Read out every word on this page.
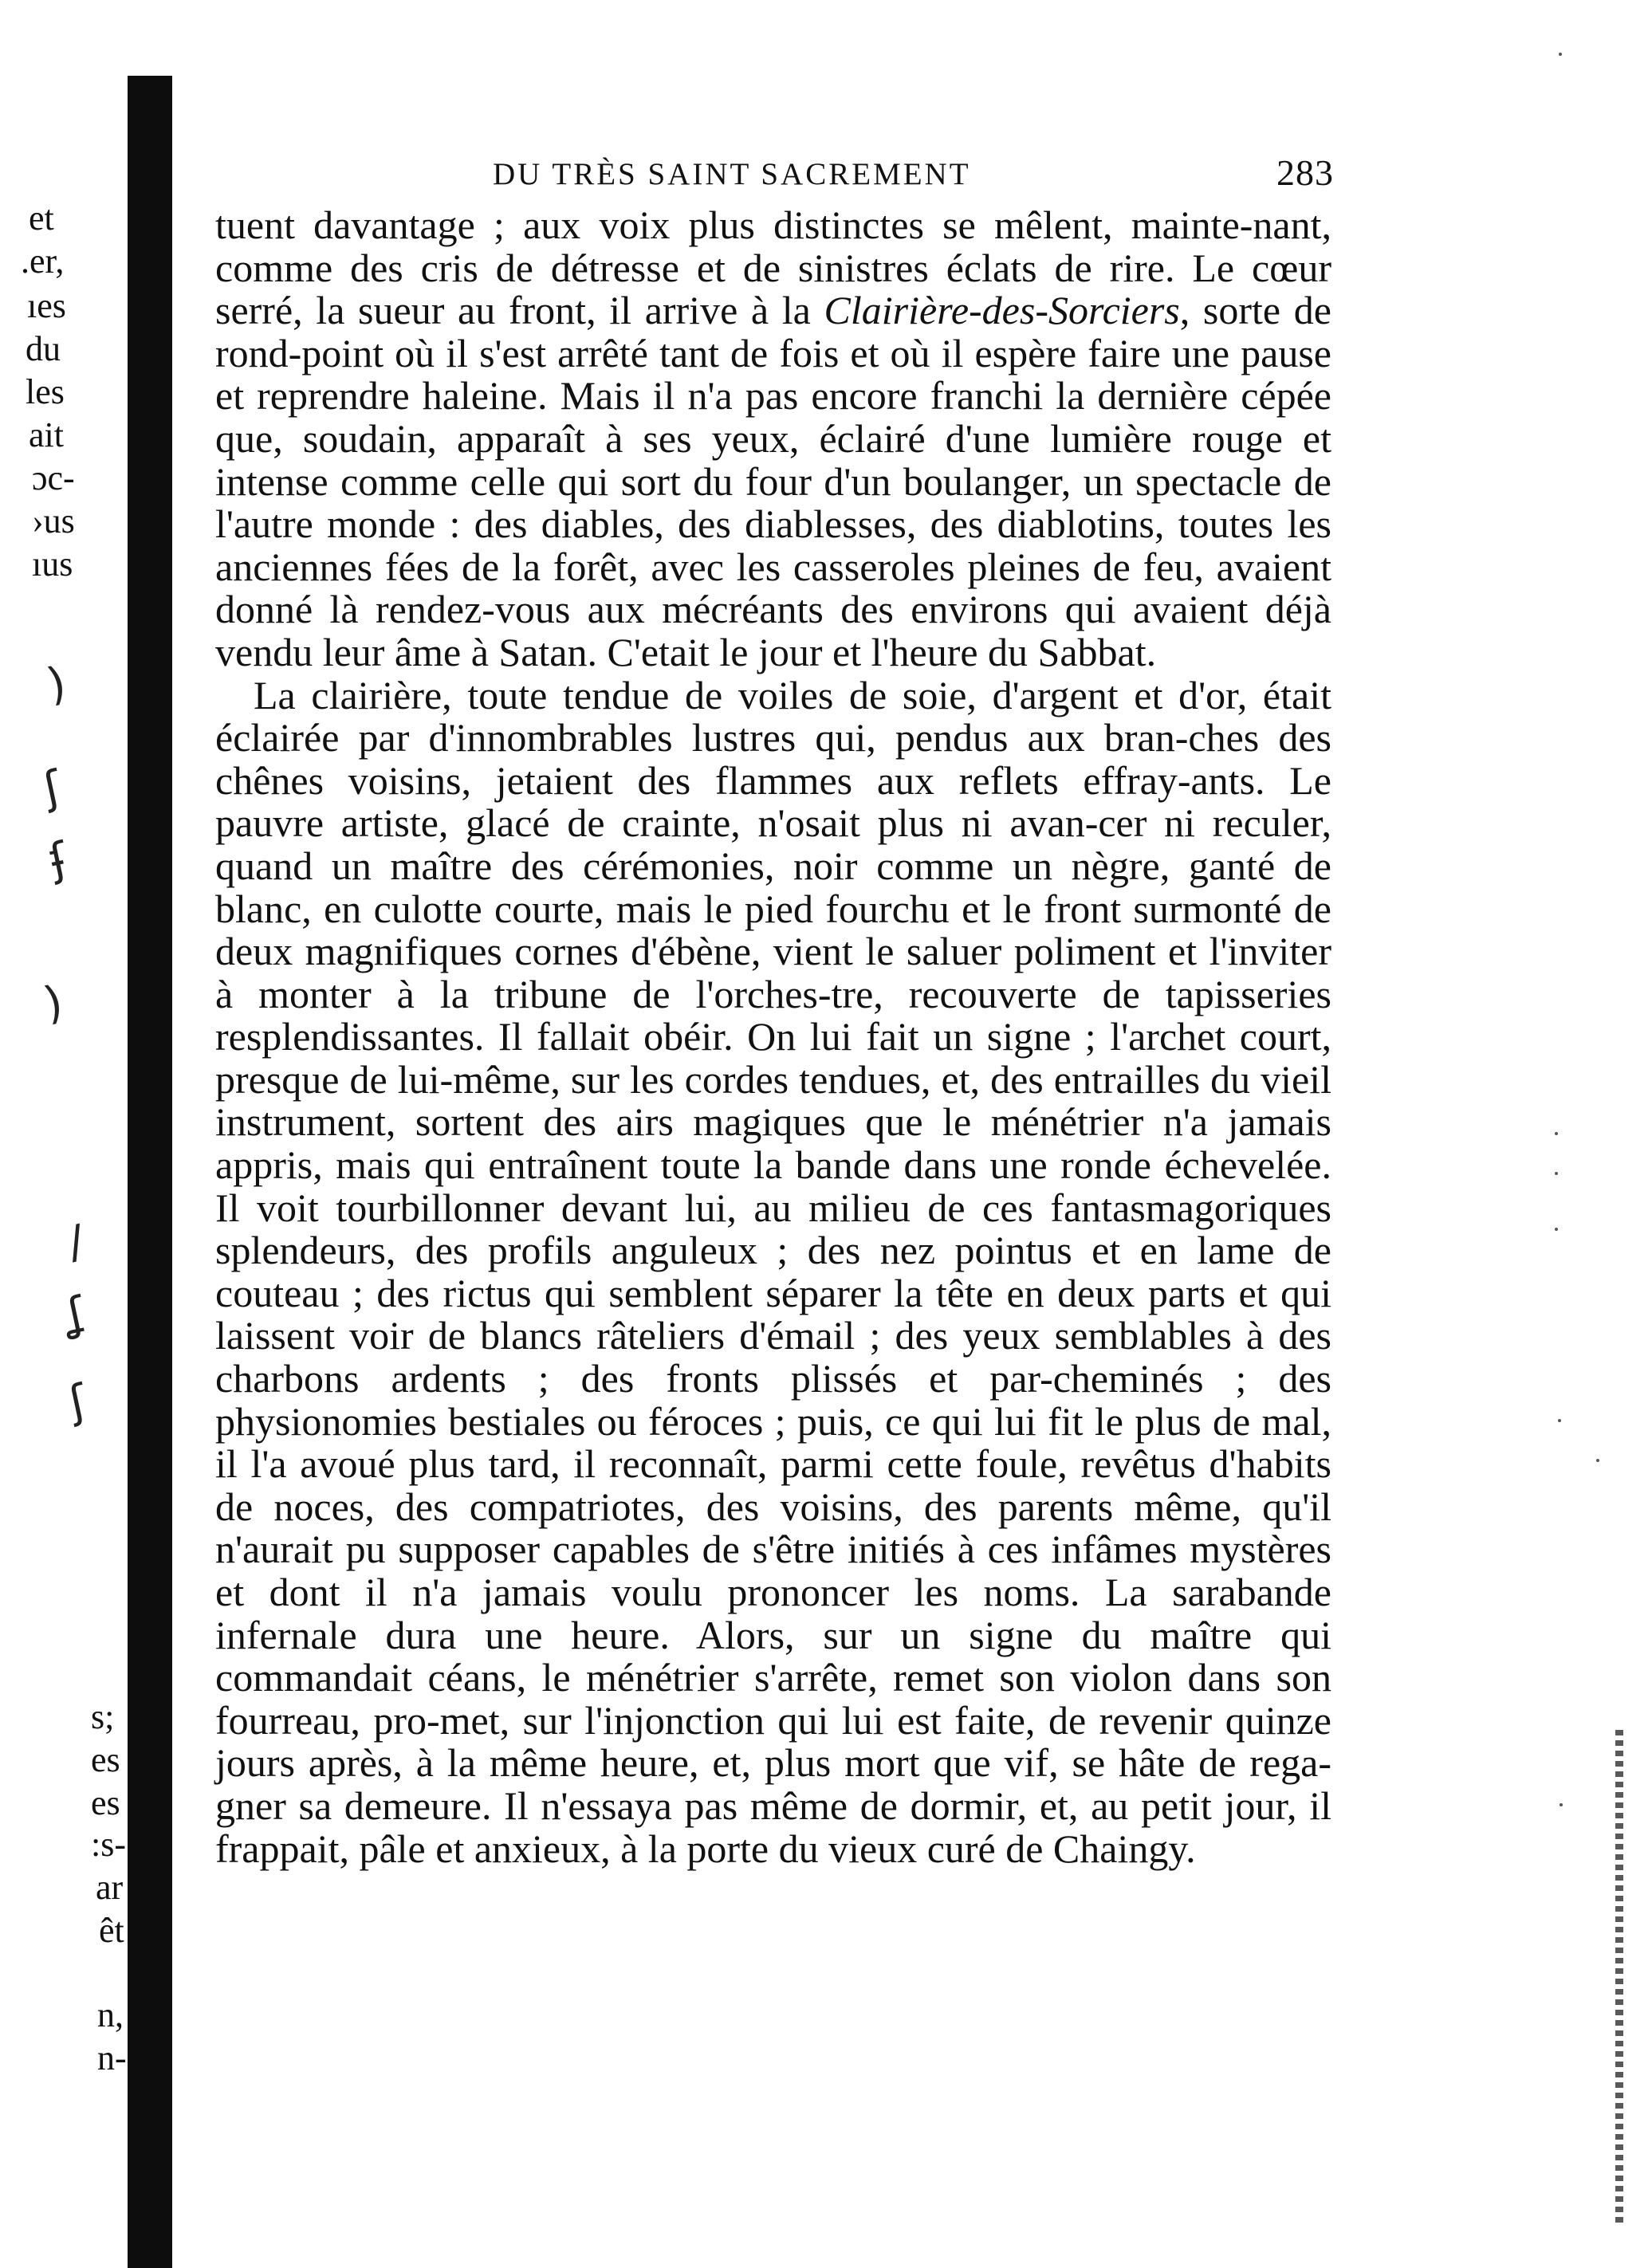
et
.er,
ıes
du
les
ait
ɔc-
›us
ıus
)
ʃ
ʄ
)
/
ʆ
ʃ
s;
es
es
:s-
ar
êt
n,
n-
DU TRÈS SAINT SACREMENT	283

tuent davantage ; aux voix plus distinctes se mêlent, mainte-nant, comme des cris de détresse et de sinistres éclats de rire. Le cœur serré, la sueur au front, il arrive à la Clairière-des-Sorciers, sorte de rond-point où il s'est arrêté tant de fois et où il espère faire une pause et reprendre haleine. Mais il n'a pas encore franchi la dernière cépée que, soudain, apparaît à ses yeux, éclairé d'une lumière rouge et intense comme celle qui sort du four d'un boulanger, un spectacle de l'autre monde : des diables, des diablesses, des diablotins, toutes les anciennes fées de la forêt, avec les casseroles pleines de feu, avaient donné là rendez-vous aux mécréants des environs qui avaient déjà vendu leur âme à Satan. C'etait le jour et l'heure du Sabbat.

La clairière, toute tendue de voiles de soie, d'argent et d'or, était éclairée par d'innombrables lustres qui, pendus aux bran-ches des chênes voisins, jetaient des flammes aux reflets effray-ants. Le pauvre artiste, glacé de crainte, n'osait plus ni avan-cer ni reculer, quand un maître des cérémonies, noir comme un nègre, ganté de blanc, en culotte courte, mais le pied fourchu et le front surmonté de deux magnifiques cornes d'ébène, vient le saluer poliment et l'inviter à monter à la tribune de l'orches-tre, recouverte de tapisseries resplendissantes. Il fallait obéir. On lui fait un signe ; l'archet court, presque de lui-même, sur les cordes tendues, et, des entrailles du vieil instrument, sortent des airs magiques que le ménétrier n'a jamais appris, mais qui entraînent toute la bande dans une ronde échevelée. Il voit tourbillonner devant lui, au milieu de ces fantasmagoriques splendeurs, des profils anguleux ; des nez pointus et en lame de couteau ; des rictus qui semblent séparer la tête en deux parts et qui laissent voir de blancs râteliers d'émail ; des yeux semblables à des charbons ardents ; des fronts plissés et par-cheminés ; des physionomies bestiales ou féroces ; puis, ce qui lui fit le plus de mal, il l'a avoué plus tard, il reconnaît, parmi cette foule, revêtus d'habits de noces, des compatriotes, des voisins, des parents même, qu'il n'aurait pu supposer capables de s'être initiés à ces infâmes mystères et dont il n'a jamais voulu prononcer les noms. La sarabande infernale dura une heure. Alors, sur un signe du maître qui commandait céans, le ménétrier s'arrête, remet son violon dans son fourreau, pro-met, sur l'injonction qui lui est faite, de revenir quinze jours après, à la même heure, et, plus mort que vif, se hâte de rega-gner sa demeure. Il n'essaya pas même de dormir, et, au petit jour, il frappait, pâle et anxieux, à la porte du vieux curé de Chaingy.
